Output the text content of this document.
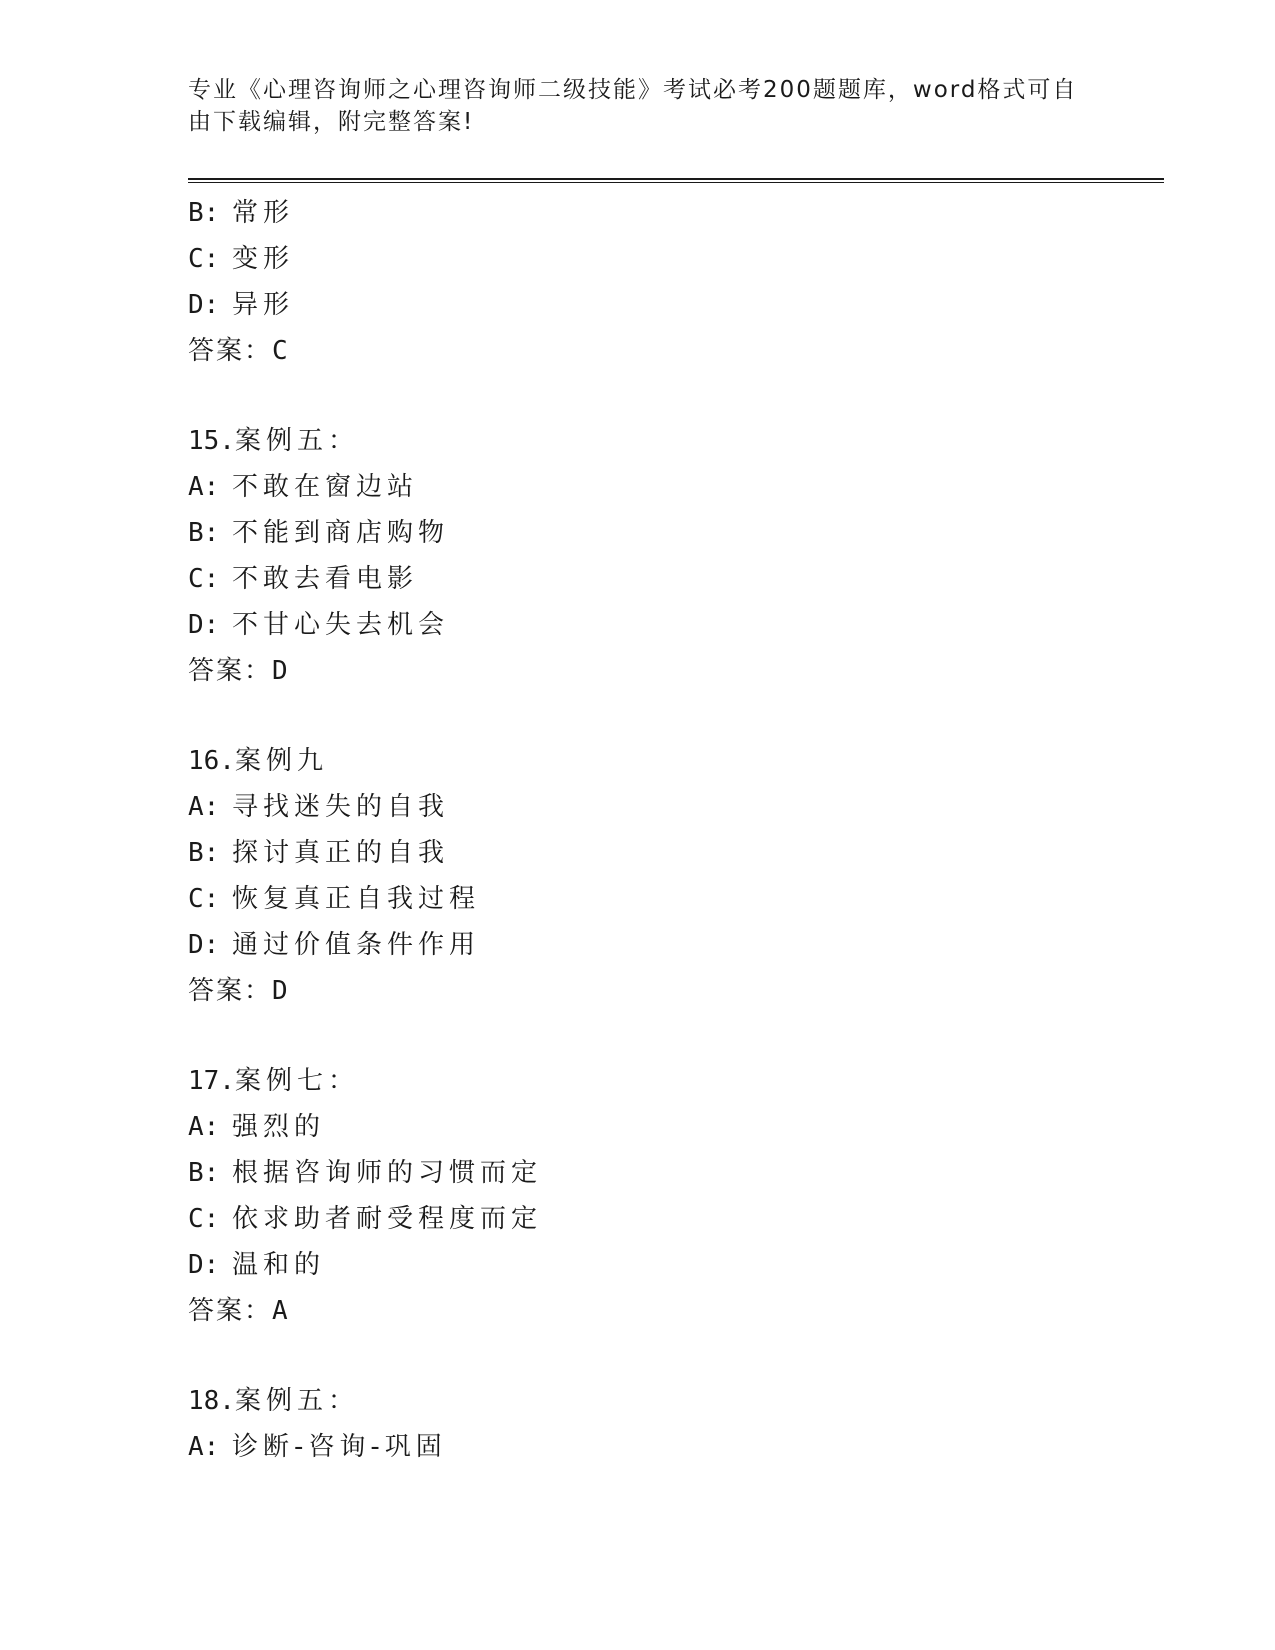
专业《心理咨询师之心理咨询师二级技能》考试必考200题题库，word格式可自
由下载编辑，附完整答案!
B: 常形
C: 变形
D: 异形
答案：C
15.案例五：
A: 不敢在窗边站
B: 不能到商店购物
C: 不敢去看电影
D: 不甘心失去机会
答案：D
16.案例九
A: 寻找迷失的自我
B: 探讨真正的自我
C: 恢复真正自我过程
D: 通过价值条件作用
答案：D
17.案例七：
A: 强烈的
B: 根据咨询师的习惯而定
C: 依求助者耐受程度而定
D: 温和的
答案：A
18.案例五：
A: 诊断-咨询-巩固
